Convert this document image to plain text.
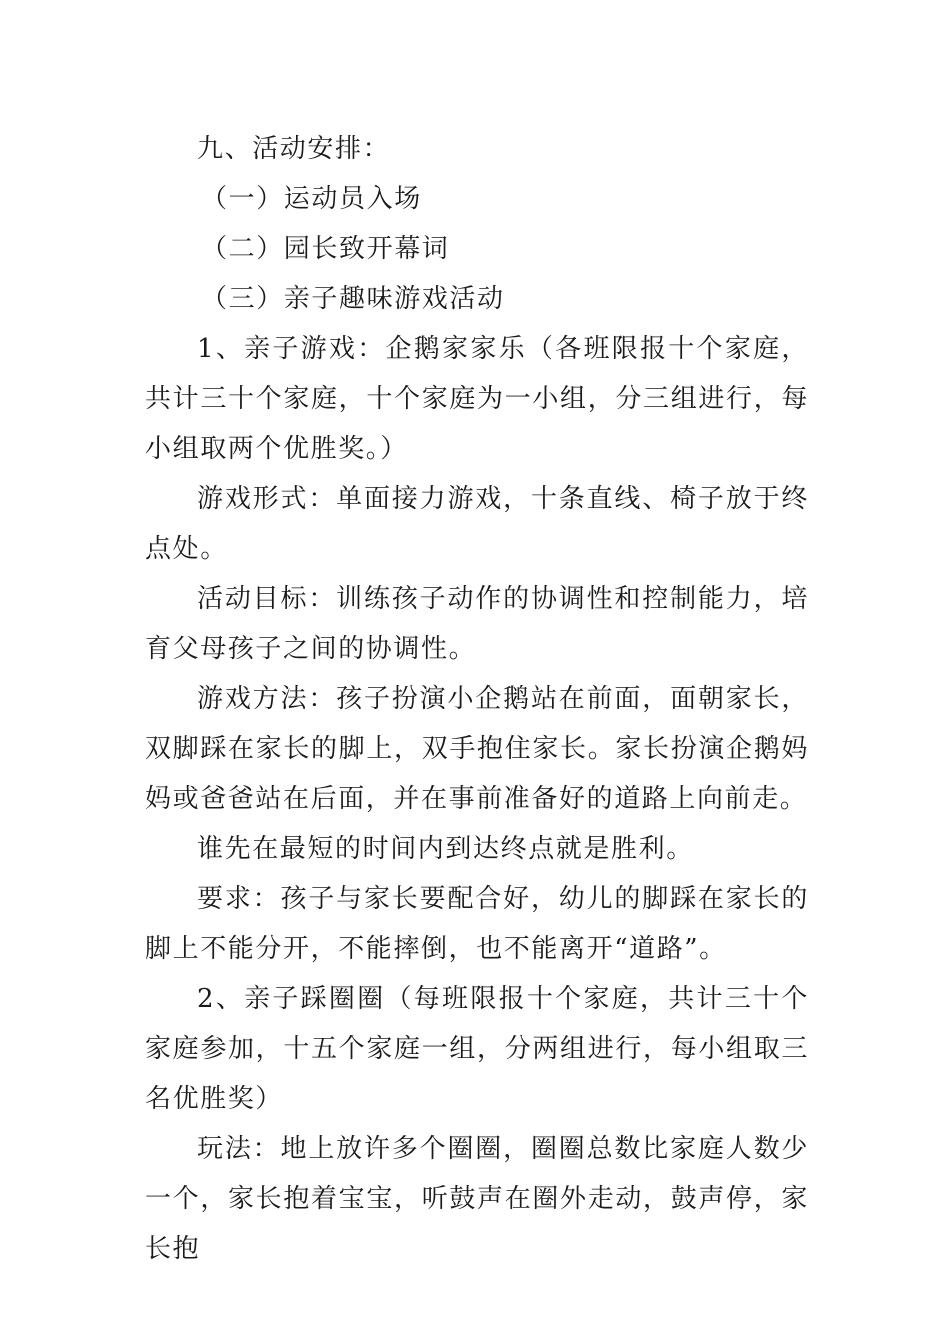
九、活动安排：

（一）运动员入场

（二）园长致开幕词

（三）亲子趣味游戏活动

1、亲子游戏：企鹅家家乐（各班限报十个家庭，共计三十个家庭，十个家庭为一小组，分三组进行，每小组取两个优胜奖。）

游戏形式：单面接力游戏，十条直线、椅子放于终点处。

活动目标：训练孩子动作的协调性和控制能力，培育父母孩子之间的协调性。

游戏方法：孩子扮演小企鹅站在前面，面朝家长，双脚踩在家长的脚上，双手抱住家长。家长扮演企鹅妈妈或爸爸站在后面，并在事前准备好的道路上向前走。

谁先在最短的时间内到达终点就是胜利。

要求：孩子与家长要配合好，幼儿的脚踩在家长的脚上不能分开，不能摔倒，也不能离开“道路”。

2、亲子踩圈圈（每班限报十个家庭，共计三十个家庭参加，十五个家庭一组，分两组进行，每小组取三名优胜奖）

玩法：地上放许多个圈圈，圈圈总数比家庭人数少一个，家长抱着宝宝，听鼓声在圈外走动，鼓声停，家长抱
